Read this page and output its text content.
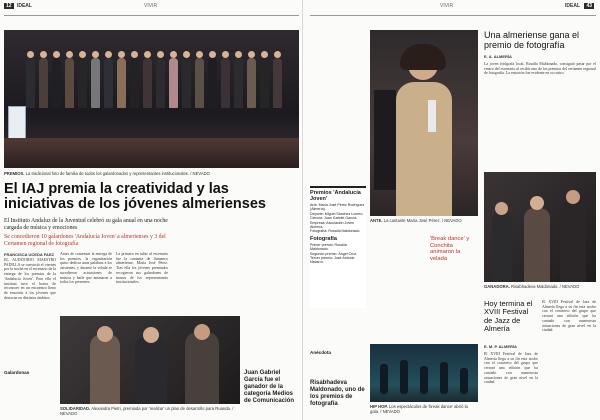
12 IDEAL	VIVIR
PREMIOS. La tradicional foto de familia de todos los galardonados y representantes institucionales. / NEVADO
El IAJ premia la creatividad y las iniciativas de los jóvenes almerienses
El Instituto Andaluz de la Juventud celebró su gala anual en una noche cargada de música y emociones
Se concedieron 10 galardones 'Andalucía Joven' a almerienses y 3 del Certamen regional de fotografía
FRANCISCA UCEDA FAEZ
EL AUDITORIO MAESTRO PADILLA se convirtió el viernes por la noche en el escenario de la entrega de los premios de la 'Andalucía Joven'. Para ello el instituto tuvo el honor de reconocer en un encuentro lleno de emoción a los jóvenes que destacan en distintos ámbitos.
Galardonas
Antes de comenzar la entrega de los premios, la organización quiso dedicar unas palabras a los asistentes, y durante la velada se sucedieron actuaciones de música y baile que animaron a todos los presentes.
La primera en subir al escenario fue la cantante de flamenco almeriense, María José Pérez. Tras ella los jóvenes premiados recogieron sus galardones de manos de los representantes institucionales.
SOLIDARIDAD. Alexandra Pietri, premiada por 'realizar' un plan de desarrollo para Ruanda. / NEVADO
Juan Gabriel García fue el ganador de la categoría Medios de Comunicación
VIVIR	IDEAL	43
ANTE. La cantante María José Pérez. / NEVADO
Premios 'Andalucía Joven'
Arte: María José Pérez Rodríguez (Almería).
Deporte: Miguel Sánchez Lucero.
Ciencia: Juan Gabriel García.
Empresa: Asociación Joven Almería.
Fotografía: Rosalía Maldonado.
Fotografía
Primer premio: Rosalía Maldonado.
Segundo premio: Ángel Cruz.
Tercer premio: José Antonio Navarro.
Anécdota
'Break dance' y Conchita animaron la velada
Risabhadeva Maldonado, uno de los premios de fotografía	HIP HOP. Los espectáculos de 'break dance' abrió la gala. / NEVADO
Una almeriense gana el premio de fotografía
E. A. ALMERÍA
La joven fotógrafa local, Rosalía Maldonado, consiguió pasar por el centro del escenario al recibir uno de los premios del certamen regional de fotografía. La emoción fue evidente en su rostro.
GANADORA. Risabhadeva Maldonado. / NEVADO
Hoy termina el XVIII Festival de Jazz de Almería
E. M. P. ALMERÍA
El XVIII Festival de Jazz de Almería llega a su fin esta noche con el concierto del grupo que cerrará una edición que ha contado con numerosas actuaciones de gran nivel en la ciudad.
El XVIII Festival de Jazz de Almería llega a su fin esta noche con el concierto del grupo que cerrará una edición que ha contado con numerosas actuaciones de gran nivel en la ciudad.
